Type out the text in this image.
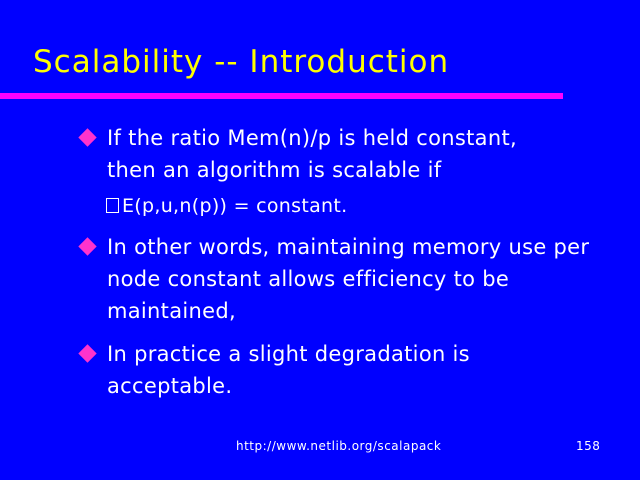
Scalability -- Introduction
If the ratio Mem(n)/p is held constant,
then an algorithm is scalable if
E(p,u,n(p)) = constant.
In other words, maintaining memory use per
node constant allows efficiency to be
maintained,
In practice a slight degradation is
acceptable.
http://www.netlib.org/scalapack	158
